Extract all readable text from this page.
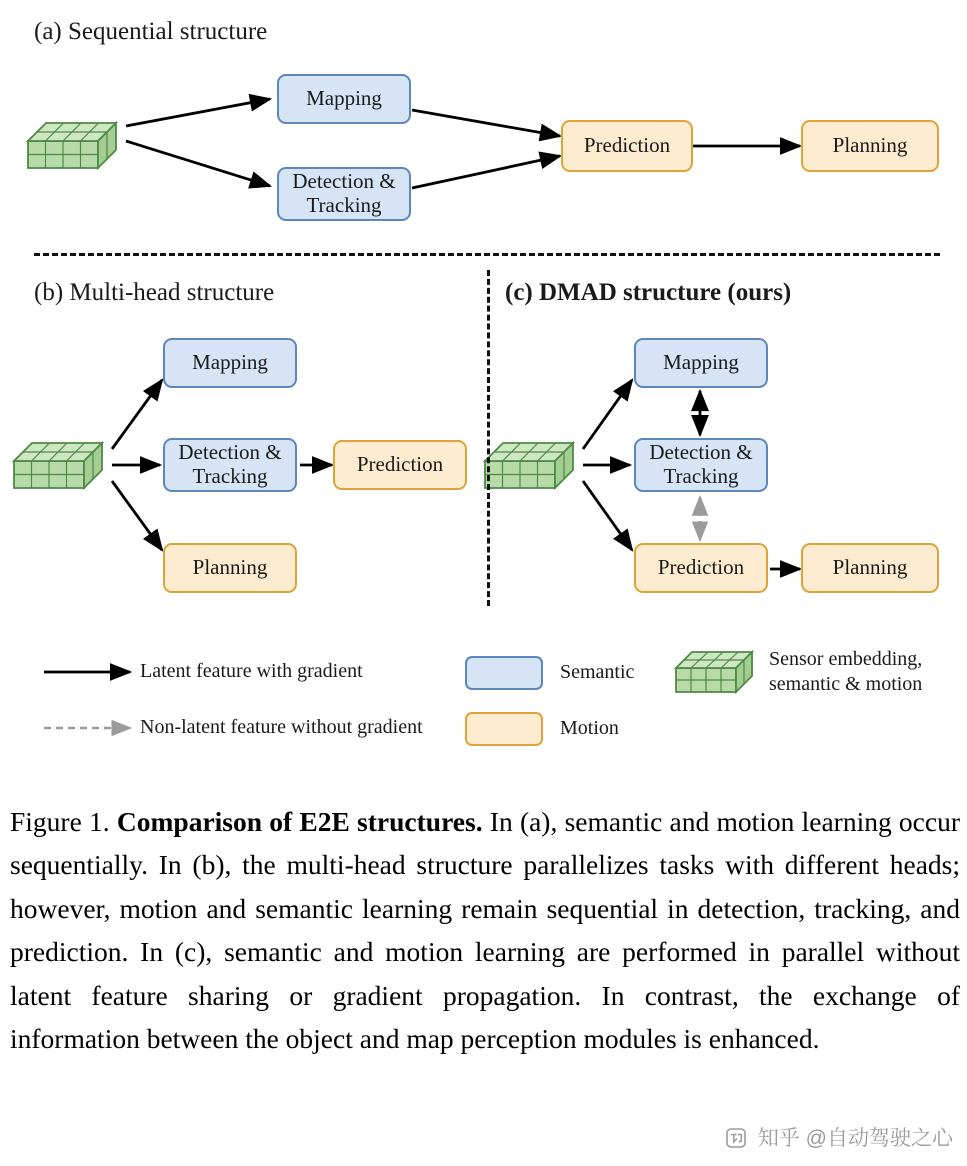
(a) Sequential structure
Mapping
Detection &
Tracking
Prediction	Planning
(b) Multi-head structure
Mapping
Detection &
Tracking	Prediction
Planning
(c) DMAD structure (ours)
Mapping
Detection &
Tracking
Prediction	Planning
Latent feature with gradient
Non-latent feature without gradient
Semantic
Motion
Sensor embedding,
semantic & motion
Figure 1. Comparison of E2E structures. In (a), semantic and motion learning occur sequentially. In (b), the multi-head structure parallelizes tasks with different heads; however, motion and semantic learning remain sequential in detection, tracking, and prediction. In (c), semantic and motion learning are performed in parallel without latent feature sharing or gradient propagation. In contrast, the exchange of information between the object and map perception modules is enhanced.
知乎 @自动驾驶之心
